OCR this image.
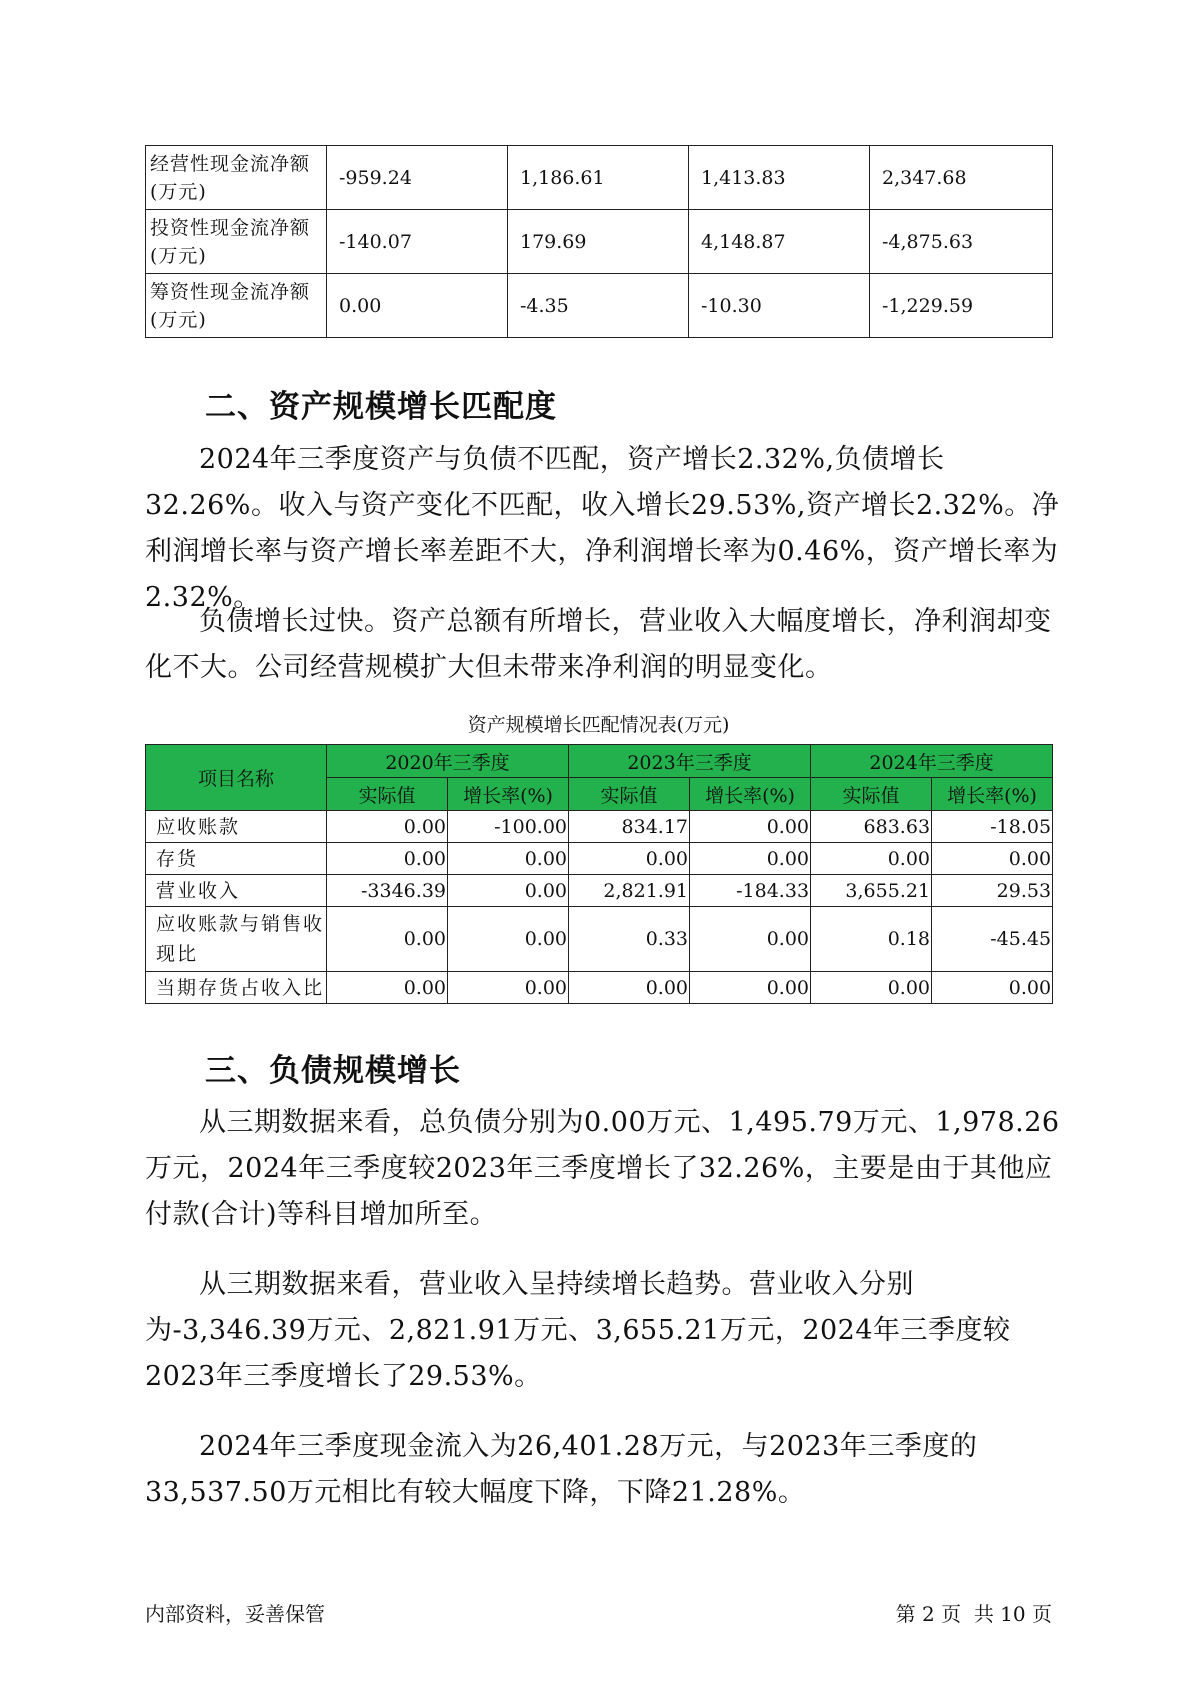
经营性现金流净额(万元)	-959.24	1,186.61	1,413.83	2,347.68
投资性现金流净额(万元)	-140.07	179.69	4,148.87	-4,875.63
筹资性现金流净额(万元)	0.00	-4.35	-10.30	-1,229.59
二、资产规模增长匹配度

2024年三季度资产与负债不匹配，资产增长2.32%,负债增长32.26%。收入与资产变化不匹配，收入增长29.53%,资产增长2.32%。净利润增长率与资产增长率差距不大，净利润增长率为0.46%，资产增长率为2.32%。

负债增长过快。资产总额有所增长，营业收入大幅度增长，净利润却变化不大。公司经营规模扩大但未带来净利润的明显变化。

资产规模增长匹配情况表(万元)
项目名称	2020年三季度		2023年三季度		2024年三季度	
	实际值	增长率(%)	实际值	增长率(%)	实际值	增长率(%)
应收账款	0.00	-100.00	834.17	0.00	683.63	-18.05
存货	0.00	0.00	0.00	0.00	0.00	0.00
营业收入	-3346.39	0.00	2,821.91	-184.33	3,655.21	29.53
应收账款与销售收现比	0.00	0.00	0.33	0.00	0.18	-45.45
当期存货占收入比	0.00	0.00	0.00	0.00	0.00	0.00
三、负债规模增长

从三期数据来看，总负债分别为0.00万元、1,495.79万元、1,978.26万元，2024年三季度较2023年三季度增长了32.26%，主要是由于其他应付款(合计)等科目增加所至。

从三期数据来看，营业收入呈持续增长趋势。营业收入分别为-3,346.39万元、2,821.91万元、3,655.21万元，2024年三季度较2023年三季度增长了29.53%。

2024年三季度现金流入为26,401.28万元，与2023年三季度的33,537.50万元相比有较大幅度下降，下降21.28%。

内部资料，妥善保管	第 2 页  共 10 页
